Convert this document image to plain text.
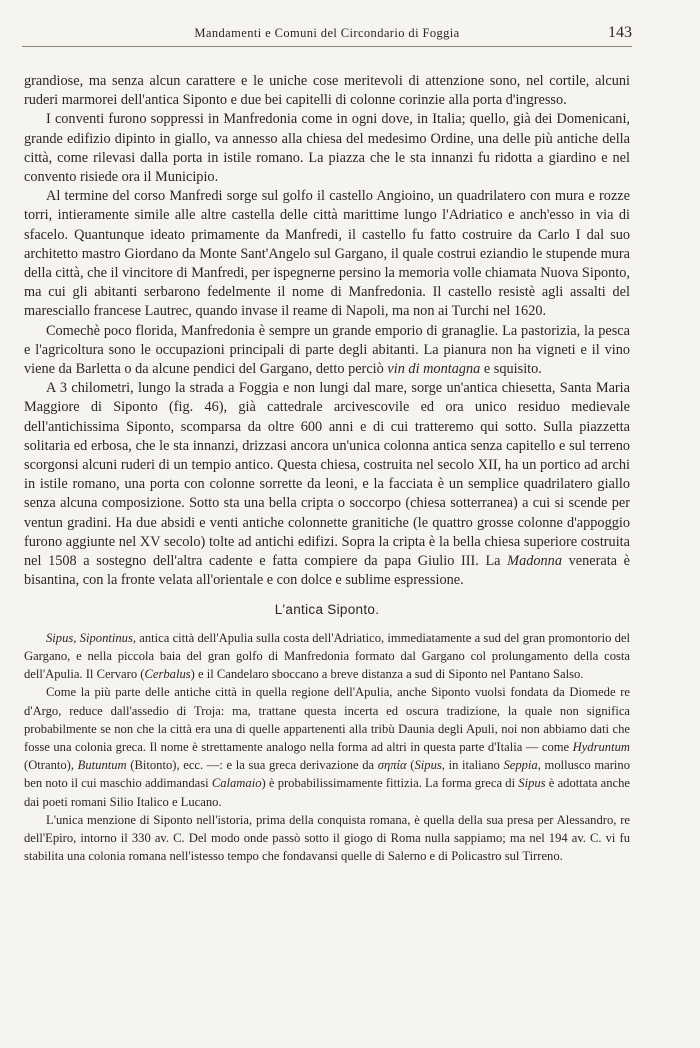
Mandamenti e Comuni del Circondario di Foggia	143

grandiose, ma senza alcun carattere e le uniche cose meritevoli di attenzione sono, nel cortile, alcuni ruderi marmorei dell'antica Siponto e due bei capitelli di colonne corinzie alla porta d'ingresso.

I conventi furono soppressi in Manfredonia come in ogni dove, in Italia; quello, già dei Domenicani, grande edifizio dipinto in giallo, va annesso alla chiesa del medesimo Ordine, una delle più antiche della città, come rilevasi dalla porta in istile romano. La piazza che le sta innanzi fu ridotta a giardino e nel convento risiede ora il Municipio.

Al termine del corso Manfredi sorge sul golfo il castello Angioino, un quadrilatero con mura e rozze torri, intieramente simile alle altre castella delle città marittime lungo l'Adriatico e anch'esso in via di sfacelo. Quantunque ideato primamente da Manfredi, il castello fu fatto costruire da Carlo I dal suo architetto mastro Giordano da Monte Sant'Angelo sul Gargano, il quale costrui eziandio le stupende mura della città, che il vincitore di Manfredi, per ispegnerne persino la memoria volle chiamata Nuova Siponto, ma cui gli abitanti serbarono fedelmente il nome di Manfredonia. Il castello resistè agli assalti del maresciallo francese Lautrec, quando invase il reame di Napoli, ma non ai Turchi nel 1620.

Comechè poco florida, Manfredonia è sempre un grande emporio di granaglie. La pastorizia, la pesca e l'agricoltura sono le occupazioni principali di parte degli abitanti. La pianura non ha vigneti e il vino viene da Barletta o da alcune pendici del Gargano, detto perciò vin di montagna e squisito.

A 3 chilometri, lungo la strada a Foggia e non lungi dal mare, sorge un'antica chiesetta, Santa Maria Maggiore di Siponto (fig. 46), già cattedrale arcivescovile ed ora unico residuo medievale dell'antichissima Siponto, scomparsa da oltre 600 anni e di cui tratteremo qui sotto. Sulla piazzetta solitaria ed erbosa, che le sta innanzi, drizzasi ancora un'unica colonna antica senza capitello e sul terreno scorgonsi alcuni ruderi di un tempio antico. Questa chiesa, costruita nel secolo XII, ha un portico ad archi in istile romano, una porta con colonne sorrette da leoni, e la facciata è un semplice quadrilatero giallo senza alcuna composizione. Sotto sta una bella cripta o soccorpo (chiesa sotterranea) a cui si scende per ventun gradini. Ha due absidi e venti antiche colonnette granitiche (le quattro grosse colonne d'appoggio furono aggiunte nel XV secolo) tolte ad antichi edifizi. Sopra la cripta è la bella chiesa superiore costruita nel 1508 a sostegno dell'altra cadente e fatta compiere da papa Giulio III. La Madonna venerata è bisantina, con la fronte velata all'orientale e con dolce e sublime espressione.

L'antica Siponto.

Sipus, Sipontinus, antica città dell'Apulia sulla costa dell'Adriatico, immediatamente a sud del gran promontorio del Gargano, e nella piccola baia del gran golfo di Manfredonia formato dal Gargano col prolungamento della costa dell'Apulia. Il Cervaro (Cerbalus) e il Candelaro sboccano a breve distanza a sud di Siponto nel Pantano Salso.

Come la più parte delle antiche città in quella regione dell'Apulia, anche Siponto vuolsi fondata da Diomede re d'Argo, reduce dall'assedio di Troja: ma, trattane questa incerta ed oscura tradizione, la quale non significa probabilmente se non che la città era una di quelle appartenenti alla tribù Daunia degli Apuli, noi non abbiamo dati che fosse una colonia greca. Il nome è strettamente analogo nella forma ad altri in questa parte d'Italia — come Hydruntum (Otranto), Butuntum (Bitonto), ecc. —: e la sua greca derivazione da σηπία (Sipus, in italiano Seppia, mollusco marino ben noto il cui maschio addimandasi Calamaio) è probabilissimamente fittizia. La forma greca di Sipus è adottata anche dai poeti romani Silio Italico e Lucano.

L'unica menzione di Siponto nell'istoria, prima della conquista romana, è quella della sua presa per Alessandro, re dell'Epiro, intorno il 330 av. C. Del modo onde passò sotto il giogo di Roma nulla sappiamo; ma nel 194 av. C. vi fu stabilita una colonia romana nell'istesso tempo che fondavansi quelle di Salerno e di Policastro sul Tirreno.
